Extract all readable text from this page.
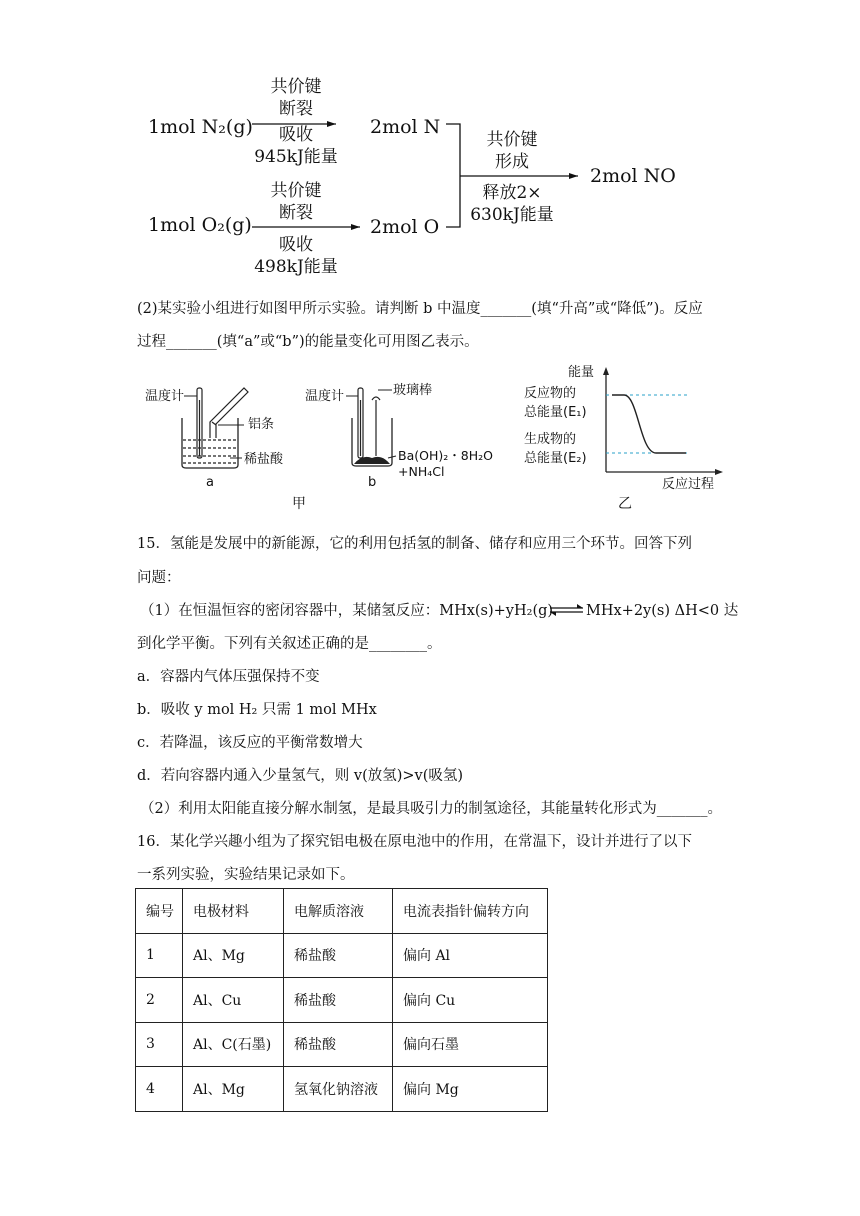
1mol N₂(g)
共价键
断裂
吸收
945kJ能量
2mol N
1mol O₂(g)
共价键
断裂
吸收
498kJ能量
2mol O
共价键
形成
释放2×
630kJ能量
2mol NO
(2)某实验小组进行如图甲所示实验。请判断 b 中温度_______(填“升高”或“降低”)。反应
过程_______(填“a”或“b”)的能量变化可用图乙表示。
温度计
铝条
稀盐酸
a
温度计	玻璃棒
Ba(OH)₂・8H₂O
+NH₄Cl
b
甲
能量
反应物的
总能量(E₁)
生成物的
总能量(E₂)
反应过程
乙
15．氢能是发展中的新能源，它的利用包括氢的制备、储存和应用三个环节。回答下列
问题：
（1）在恒温恒容的密闭容器中，某储氢反应：MHx(s)+yH₂(g) ⇌ MHx+2y(s) ΔH<0 达
到化学平衡。下列有关叙述正确的是________。
a．容器内气体压强保持不变
b．吸收 y mol H₂ 只需 1 mol MHx
c．若降温，该反应的平衡常数增大
d．若向容器内通入少量氢气，则 v(放氢)>v(吸氢)
（2）利用太阳能直接分解水制氢，是最具吸引力的制氢途径，其能量转化形式为_______。
16．某化学兴趣小组为了探究铝电极在原电池中的作用，在常温下，设计并进行了以下
一系列实验，实验结果记录如下。
编号	电极材料	电解质溶液	电流表指针偏转方向
1	Al、Mg	稀盐酸	偏向 Al
2	Al、Cu	稀盐酸	偏向 Cu
3	Al、C(石墨)	稀盐酸	偏向石墨
4	Al、Mg	氢氧化钠溶液	偏向 Mg
